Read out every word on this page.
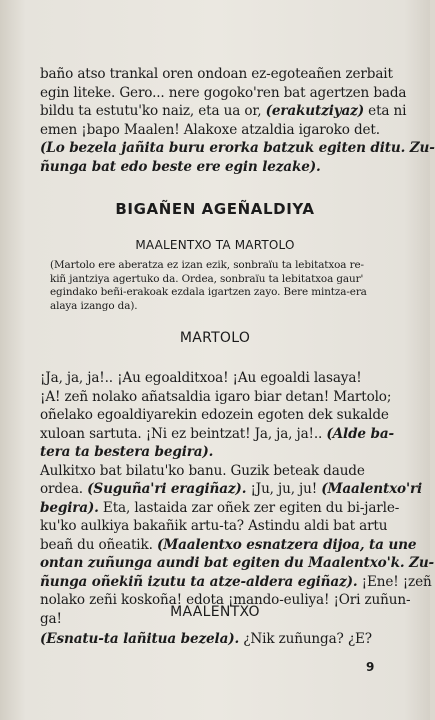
baño atso trankal oren ondoan ez-egoteañen zerbait
egin liteke. Gero... nere gogoko'ren bat agertzen bada
bildu ta estutu'ko naiz, eta ua or, (erakutziyaz) eta ni
emen ¡bapo Maalen! Alakoxe atzaldia igaroko det.
(Lo bezela jañita buru erorka batzuk egiten ditu. Zu-
ñunga bat edo beste ere egin lezake).
BIGAÑEN AGEÑALDIYA
MAALENTXO TA MARTOLO
(Martolo ere aberatza ez izan ezik, sonbraïu ta lebitatxoa re-
kiñ jantziya agertuko da. Ordea, sonbraïu ta lebitatxoa gaur'
egindako beñi-erakoak ezdala igartzen zayo. Bere mintza-era
alaya izango da).
MARTOLO
¡Ja, ja, ja!.. ¡Au egoalditxoa! ¡Au egoaldi lasaya!
¡A! zeñ nolako añatsaldia igaro biar detan! Martolo;
oñelako egoaldiyarekin edozein egoten dek sukalde
xuloan sartuta. ¡Ni ez beintzat! Ja, ja, ja!.. (Alde ba-
tera ta bestera begira).
Aulkitxo bat bilatu'ko banu. Guzik beteak daude
ordea. (Suguña'ri eragiñaz). ¡Ju, ju, ju! (Maalentxo'ri
begira). Eta, lastaida zar oñek zer egiten du bi-jarle-
ku'ko aulkiya bakañik artu-ta? Astindu aldi bat artu
beañ du oñeatik. (Maalentxo esnatzera dijoa, ta une
ontan zuñunga aundi bat egiten du Maalentxo'k. Zu-
ñunga oñekiñ izutu ta atze-aldera egiñaz). ¡Ene! ¡zeñ
nolako zeñi koskoña! edota ¡mando-euliya! ¡Ori zuñun-
ga!	MAALENTXO
(Esnatu-ta lañitua bezela). ¿Nik zuñunga? ¿E?
9
